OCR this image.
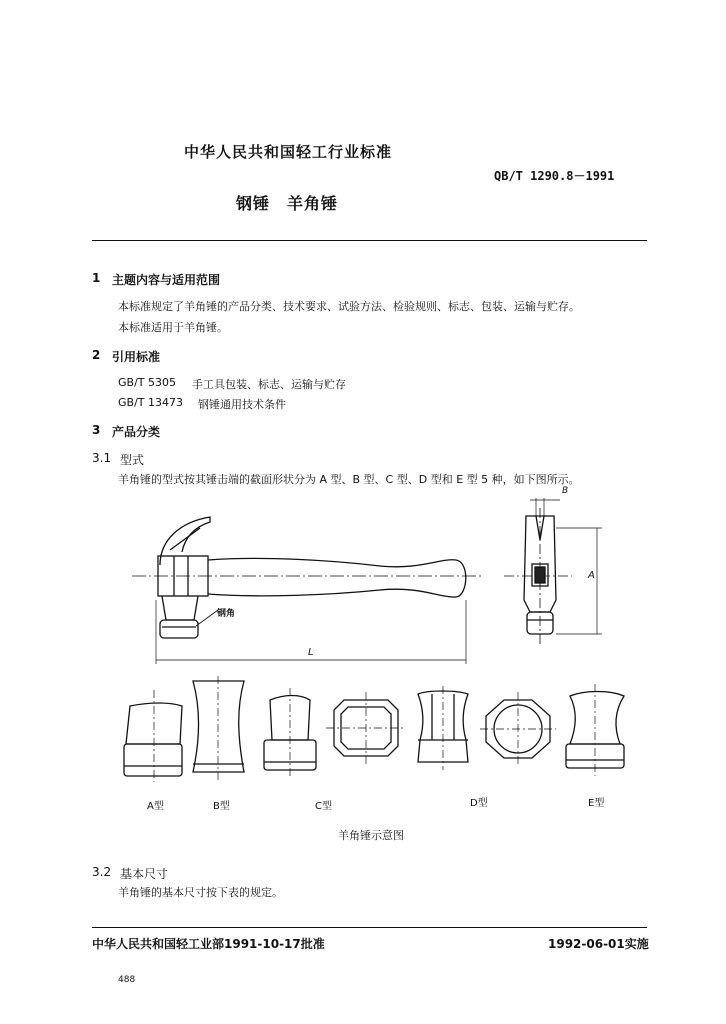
中华人民共和国轻工行业标准
QB/T 1290.8－1991
钢锤　羊角锤
1 主题内容与适用范围
本标准规定了羊角锤的产品分类、技术要求、试验方法、检验规则、标志、包装、运输与贮存。
本标准适用于羊角锤。
2 引用标准
GB/T 5305 手工具包装、标志、运输与贮存
GB/T 13473 钢锤通用技术条件
3 产品分类
3.1 型式
羊角锤的型式按其锤击端的截面形状分为 A 型、B 型、C 型、D 型和 E 型 5 种，如下图所示。
钢角
L
A
B
A型	B型	C型	D型	E型
羊角锤示意图
3.2 基本尺寸
羊角锤的基本尺寸按下表的规定。
中华人民共和国轻工业部1991-10-17批准	1992-06-01实施
488
